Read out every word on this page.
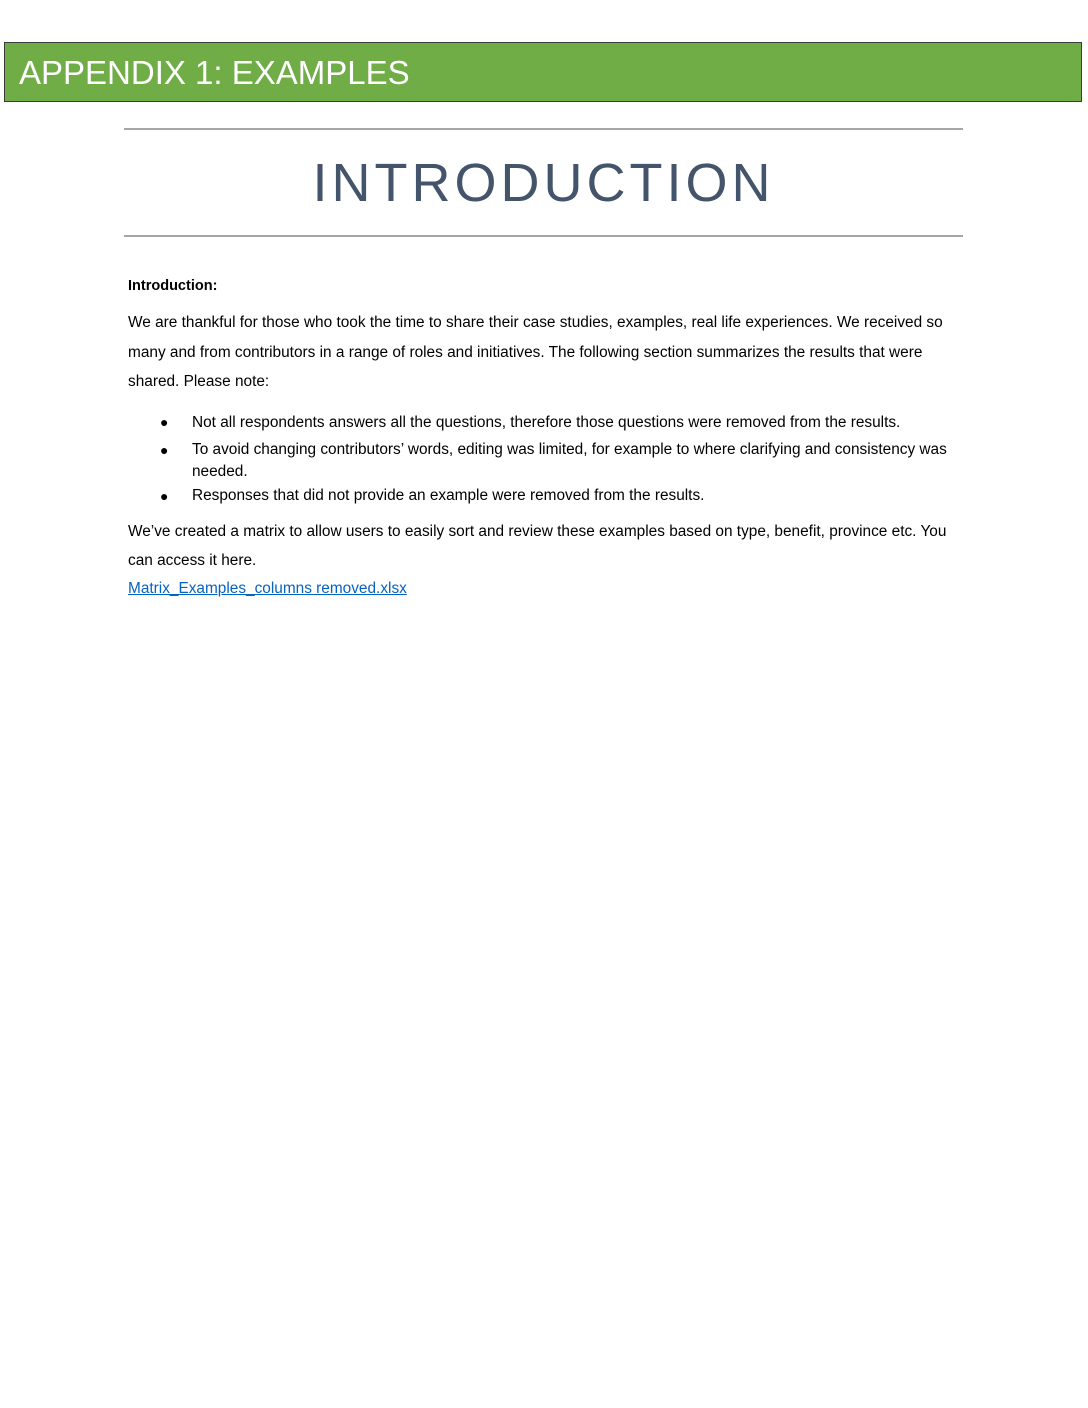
APPENDIX 1: EXAMPLES
INTRODUCTION

Introduction:

We are thankful for those who took the time to share their case studies, examples, real life experiences. We received so many and from contributors in a range of roles and initiatives. The following section summarizes the results that were shared. Please note:

● Not all respondents answers all the questions, therefore those questions were removed from the results.
● To avoid changing contributors’ words, editing was limited, for example to where clarifying and consistency was needed.
● Responses that did not provide an example were removed from the results.

We’ve created a matrix to allow users to easily sort and review these examples based on type, benefit, province etc. You can access it here.

Matrix_Examples_columns removed.xlsx
